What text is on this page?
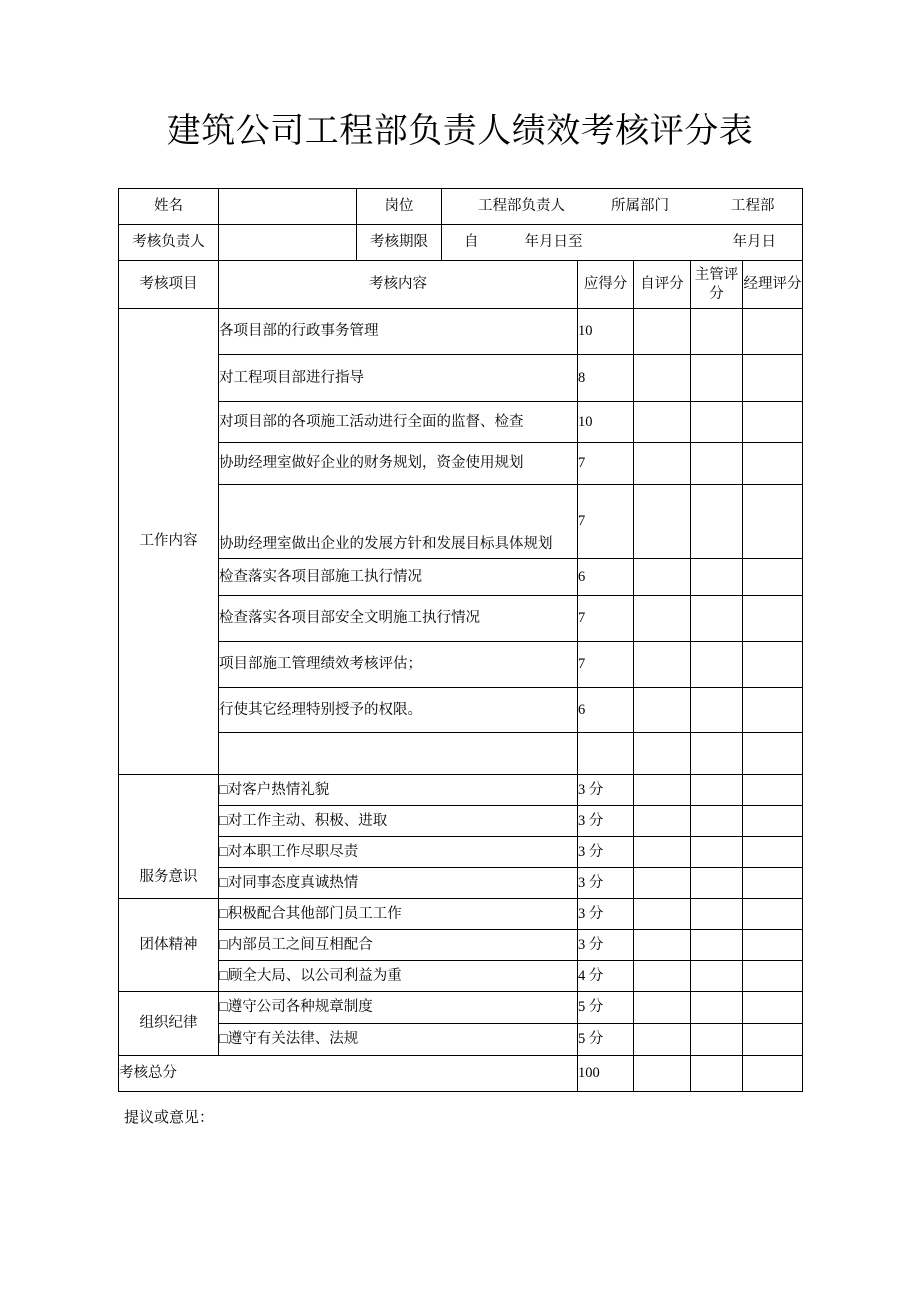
建筑公司工程部负责人绩效考核评分表
姓名		岗位	工程部负责人 所属部门 工程部				

考核负责人		考核期限	自 年月日至 年月日				

考核项目	考核内容			应得分	自评分	主管评分	经理评分
工作内容	各项目部的行政事务管理			10			
	对工程项目部进行指导			8			
	对项目部的各项施工活动进行全面的监督、检查			10			
	协助经理室做好企业的财务规划，资金使用规划			7			
	协助经理室做出企业的发展方针和发展目标具体规划			7			
	检查落实各项目部施工执行情况			6			
	检查落实各项目部安全文明施工执行情况			7			
	项目部施工管理绩效考核评估；			7			
	行使其它经理特别授予的权限。			6			

服务意识	□对客户热情礼貌			3 分			
	□对工作主动、积极、进取			3 分			
	□对本职工作尽职尽责			3 分			
	□对同事态度真诚热情			3 分			
团体精神	□积极配合其他部门员工工作			3 分			
	□内部员工之间互相配合			3 分			
	□顾全大局、以公司利益为重			4 分			
组织纪律	□遵守公司各种规章制度			5 分			
	□遵守有关法律、法规			5 分			
考核总分				100			
提议或意见：
